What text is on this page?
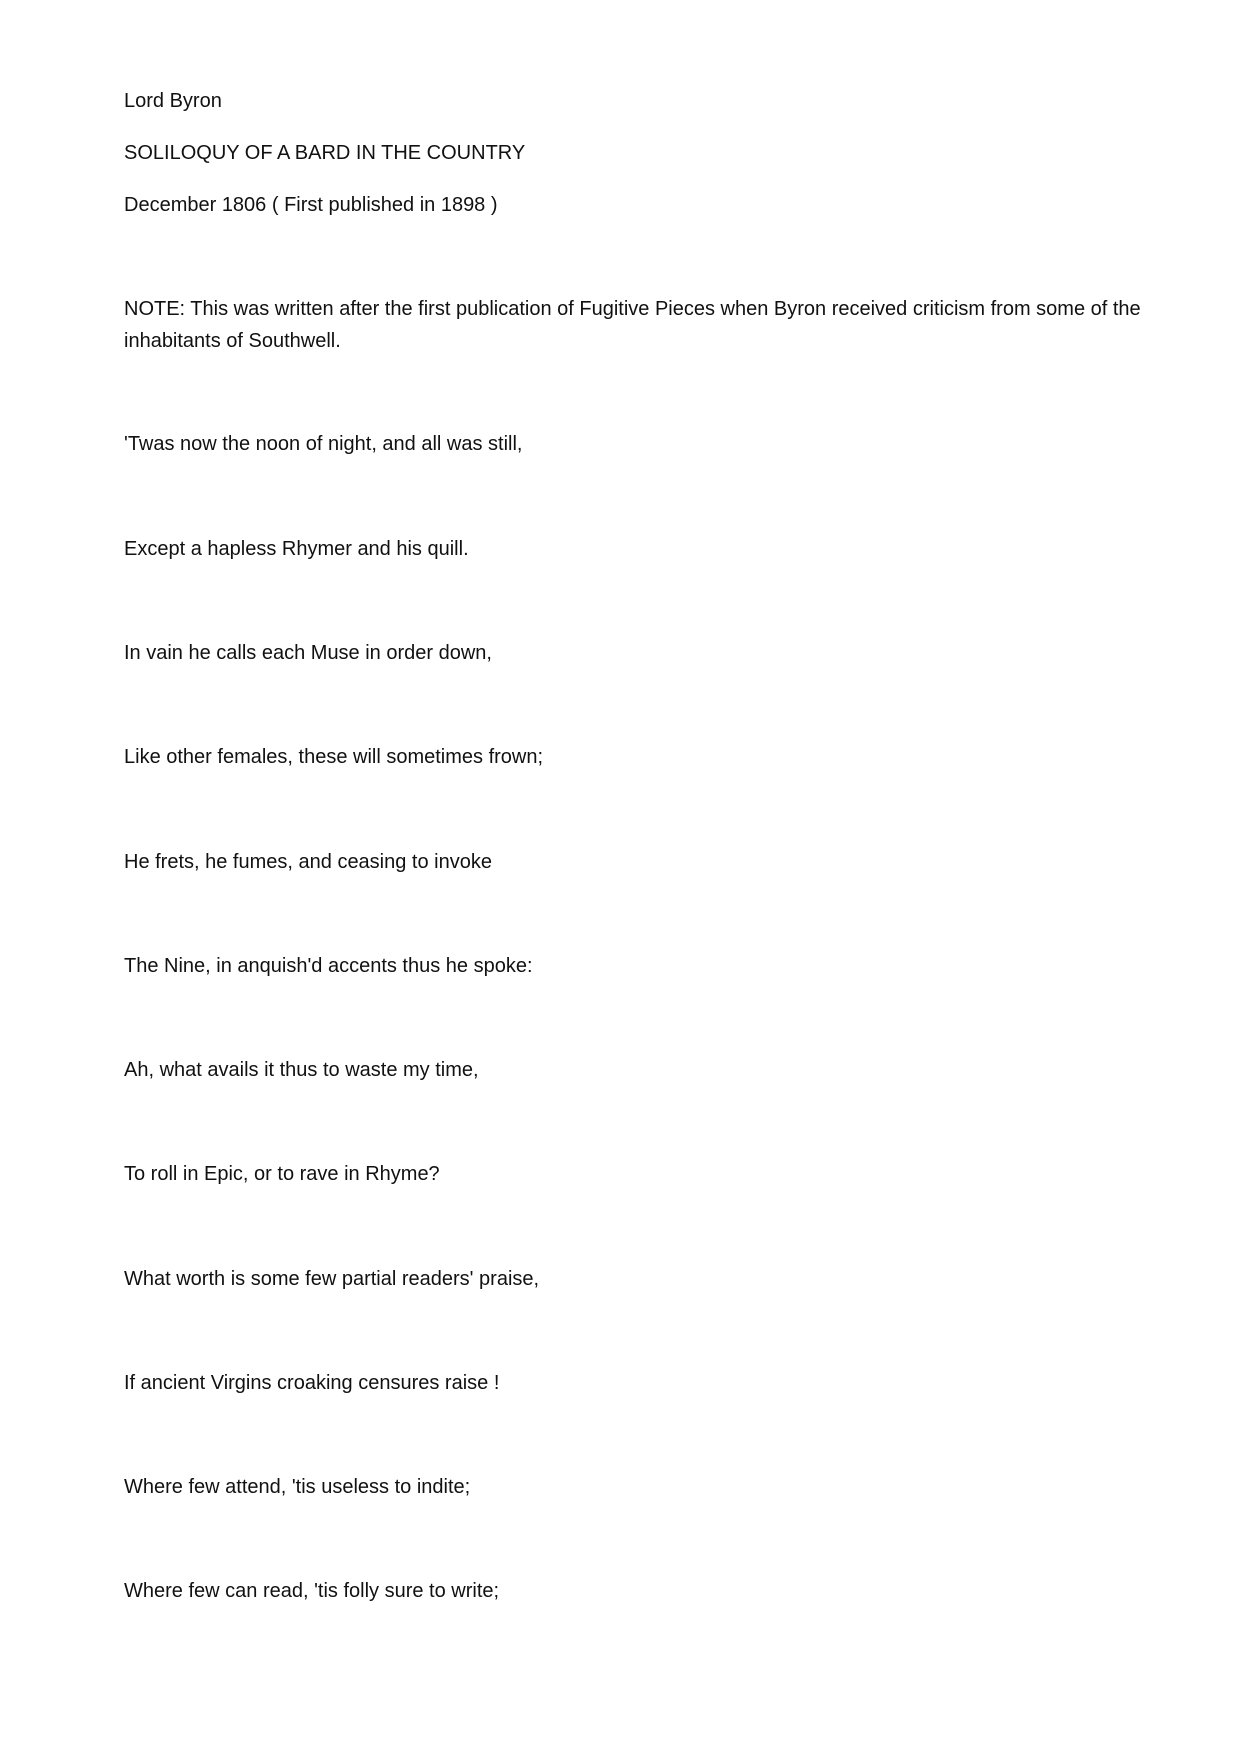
Lord Byron

SOLILOQUY OF A BARD IN THE COUNTRY

December 1806 ( First published in 1898 )

NOTE: This was written after the first publication of Fugitive Pieces when Byron received criticism from some of the inhabitants of Southwell.

'Twas now the noon of night, and all was still,

Except a hapless Rhymer and his quill.

In vain he calls each Muse in order down,

Like other females, these will sometimes frown;

He frets, he fumes, and ceasing to invoke

The Nine, in anquish'd accents thus he spoke:

Ah, what avails it thus to waste my time,

To roll in Epic, or to rave in Rhyme?

What worth is some few partial readers' praise,

If ancient Virgins croaking censures raise !

Where few attend, 'tis useless to indite;

Where few can read, 'tis folly sure to write;
